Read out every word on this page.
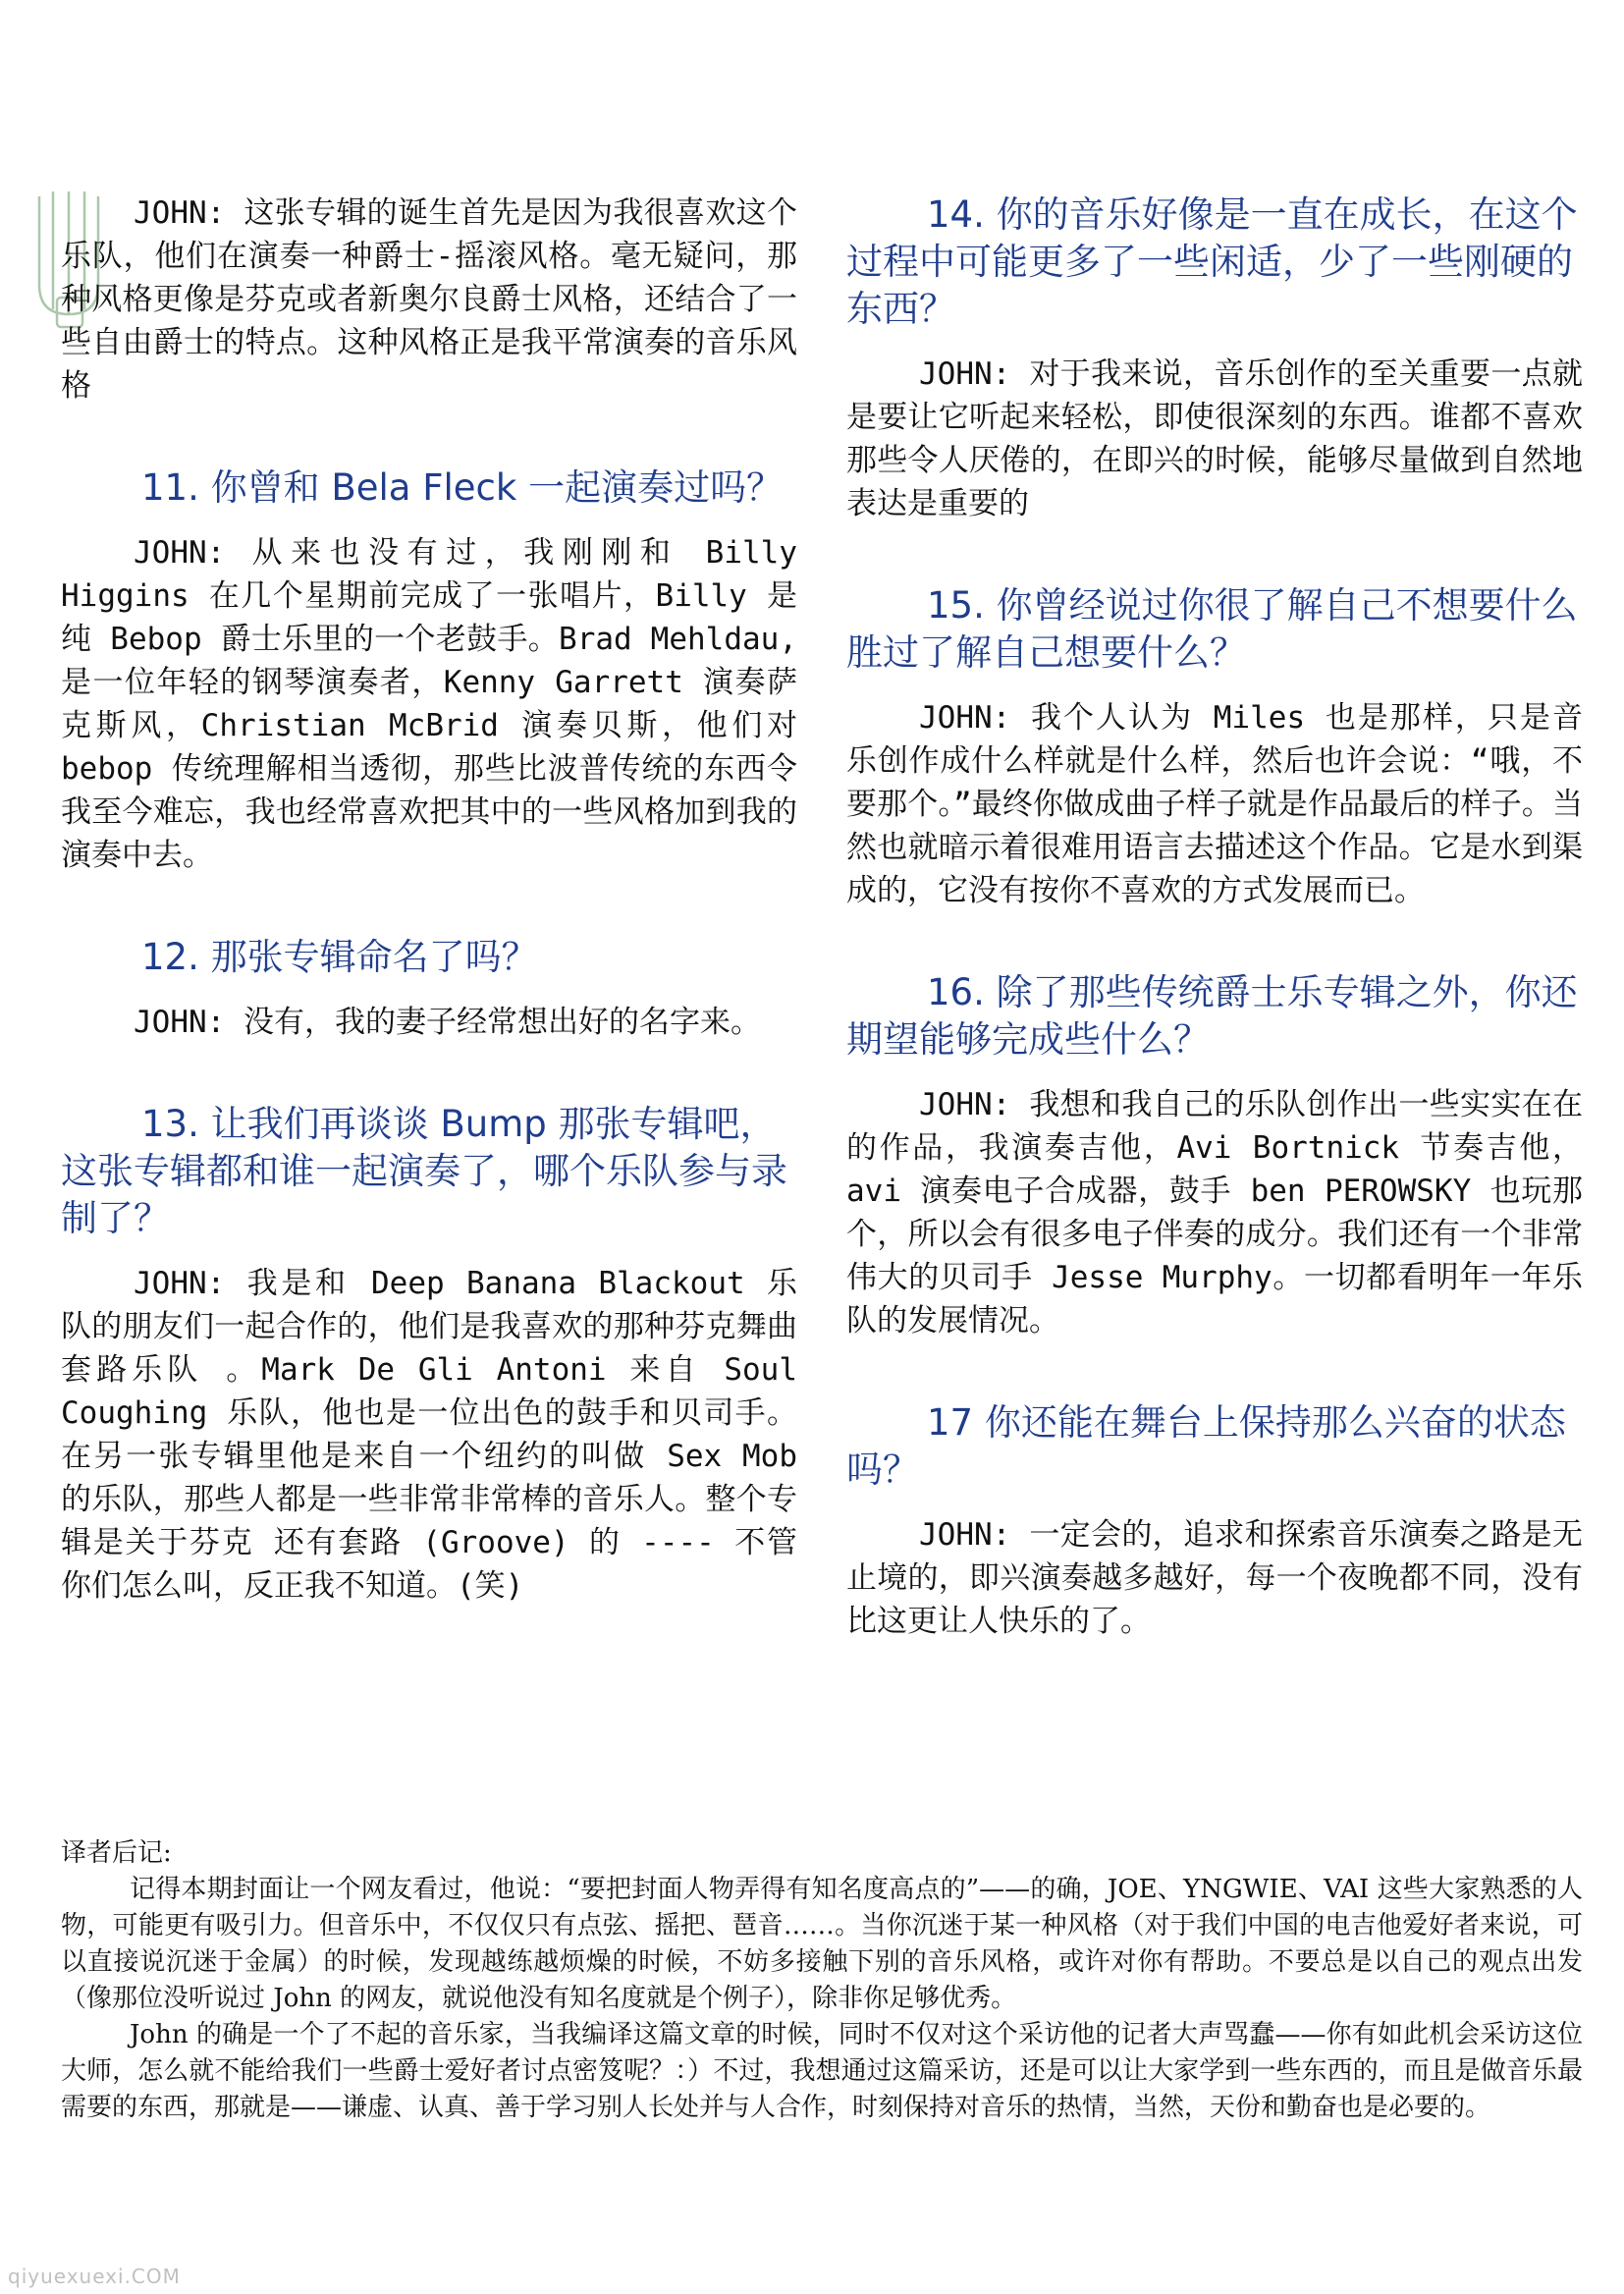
JOHN: 这张专辑的诞生首先是因为我很喜欢这个乐队，他们在演奏一种爵士-摇滚风格。毫无疑问，那种风格更像是芬克或者新奥尔良爵士风格，还结合了一些自由爵士的特点。这种风格正是我平常演奏的音乐风格

11. 你曾和 Bela Fleck 一起演奏过吗？

JOHN: 从来也没有过，我刚刚和 Billy Higgins 在几个星期前完成了一张唱片，Billy 是纯 Bebop 爵士乐里的一个老鼓手。Brad Mehldau, 是一位年轻的钢琴演奏者，Kenny Garrett 演奏萨克斯风，Christian McBrid 演奏贝斯，他们对 bebop 传统理解相当透彻，那些比波普传统的东西令我至今难忘，我也经常喜欢把其中的一些风格加到我的演奏中去。

12. 那张专辑命名了吗？

JOHN: 没有，我的妻子经常想出好的名字来。

13. 让我们再谈谈 Bump 那张专辑吧，这张专辑都和谁一起演奏了，哪个乐队参与录制了？

JOHN: 我是和 Deep Banana Blackout 乐队的朋友们一起合作的，他们是我喜欢的那种芬克舞曲套路乐队 。Mark De Gli Antoni 来自 Soul Coughing 乐队，他也是一位出色的鼓手和贝司手。在另一张专辑里他是来自一个纽约的叫做 Sex Mob 的乐队，那些人都是一些非常非常棒的音乐人。整个专辑是关于芬克 还有套路 (Groove) 的 ---- 不管你们怎么叫，反正我不知道。(笑)

14. 你的音乐好像是一直在成长，在这个过程中可能更多了一些闲适，少了一些刚硬的东西？

JOHN: 对于我来说，音乐创作的至关重要一点就是要让它听起来轻松，即使很深刻的东西。谁都不喜欢那些令人厌倦的，在即兴的时候，能够尽量做到自然地表达是重要的

15. 你曾经说过你很了解自己不想要什么胜过了解自己想要什么？

JOHN: 我个人认为 Miles 也是那样，只是音乐创作成什么样就是什么样，然后也许会说：“哦，不要那个。”最终你做成曲子样子就是作品最后的样子。当然也就暗示着很难用语言去描述这个作品。它是水到渠成的，它没有按你不喜欢的方式发展而已。

16. 除了那些传统爵士乐专辑之外，你还期望能够完成些什么？

JOHN: 我想和我自己的乐队创作出一些实实在在的作品，我演奏吉他，Avi Bortnick 节奏吉他，avi 演奏电子合成器，鼓手 ben PEROWSKY 也玩那个，所以会有很多电子伴奏的成分。我们还有一个非常伟大的贝司手 Jesse Murphy。一切都看明年一年乐队的发展情况。

17 你还能在舞台上保持那么兴奋的状态吗？

JOHN: 一定会的，追求和探索音乐演奏之路是无止境的，即兴演奏越多越好，每一个夜晚都不同，没有比这更让人快乐的了。

译者后记:

记得本期封面让一个网友看过，他说：“要把封面人物弄得有知名度高点的”——的确，JOE、YNGWIE、VAI 这些大家熟悉的人物，可能更有吸引力。但音乐中，不仅仅只有点弦、摇把、琶音……。当你沉迷于某一种风格（对于我们中国的电吉他爱好者来说，可以直接说沉迷于金属）的时候，发现越练越烦燥的时候，不妨多接触下别的音乐风格，或许对你有帮助。不要总是以自己的观点出发（像那位没听说过 John 的网友，就说他没有知名度就是个例子），除非你足够优秀。

John 的确是一个了不起的音乐家，当我编译这篇文章的时候，同时不仅对这个采访他的记者大声骂蠢——你有如此机会采访这位大师，怎么就不能给我们一些爵士爱好者讨点密笈呢？：）不过，我想通过这篇采访，还是可以让大家学到一些东西的，而且是做音乐最需要的东西，那就是——谦虚、认真、善于学习别人长处并与人合作，时刻保持对音乐的热情，当然，天份和勤奋也是必要的。

qiyuexuexi.COM
